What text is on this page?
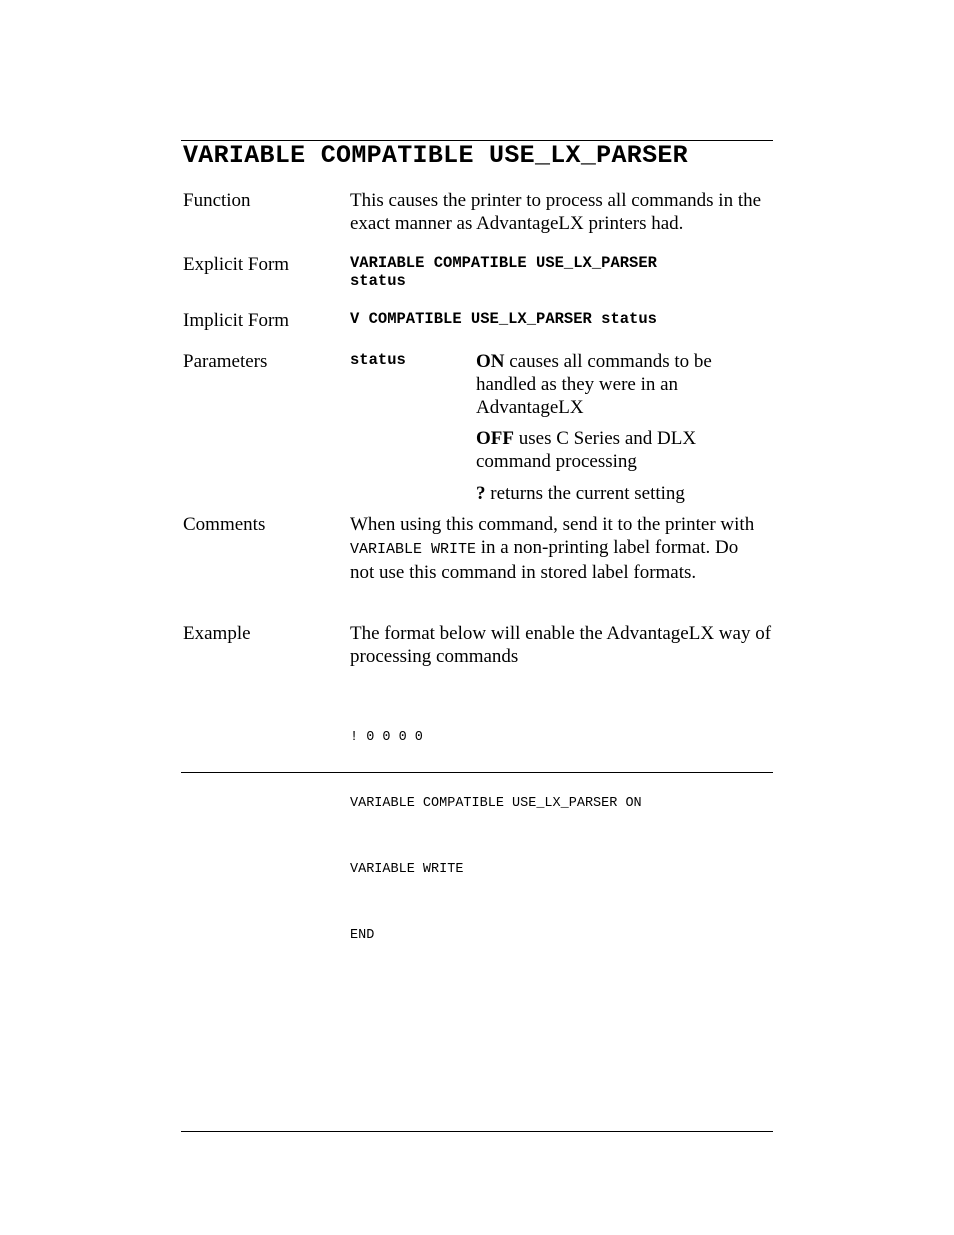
VARIABLE COMPATIBLE USE_LX_PARSER
Function	This causes the printer to process all commands in the exact manner as AdvantageLX printers had.
Explicit Form	VARIABLE COMPATIBLE USE_LX_PARSER
status
Implicit Form	V COMPATIBLE USE_LX_PARSER status
Parameters	status	ON causes all commands to be handled as they were in an AdvantageLX
OFF uses C Series and DLX command processing
? returns the current setting
Comments	When using this command, send it to the printer with VARIABLE WRITE in a non-printing label format. Do not use this command in stored label formats.
Example	The format below will enable the AdvantageLX way of processing commands

! 0 0 0 0

VARIABLE COMPATIBLE USE_LX_PARSER ON

VARIABLE WRITE

END
